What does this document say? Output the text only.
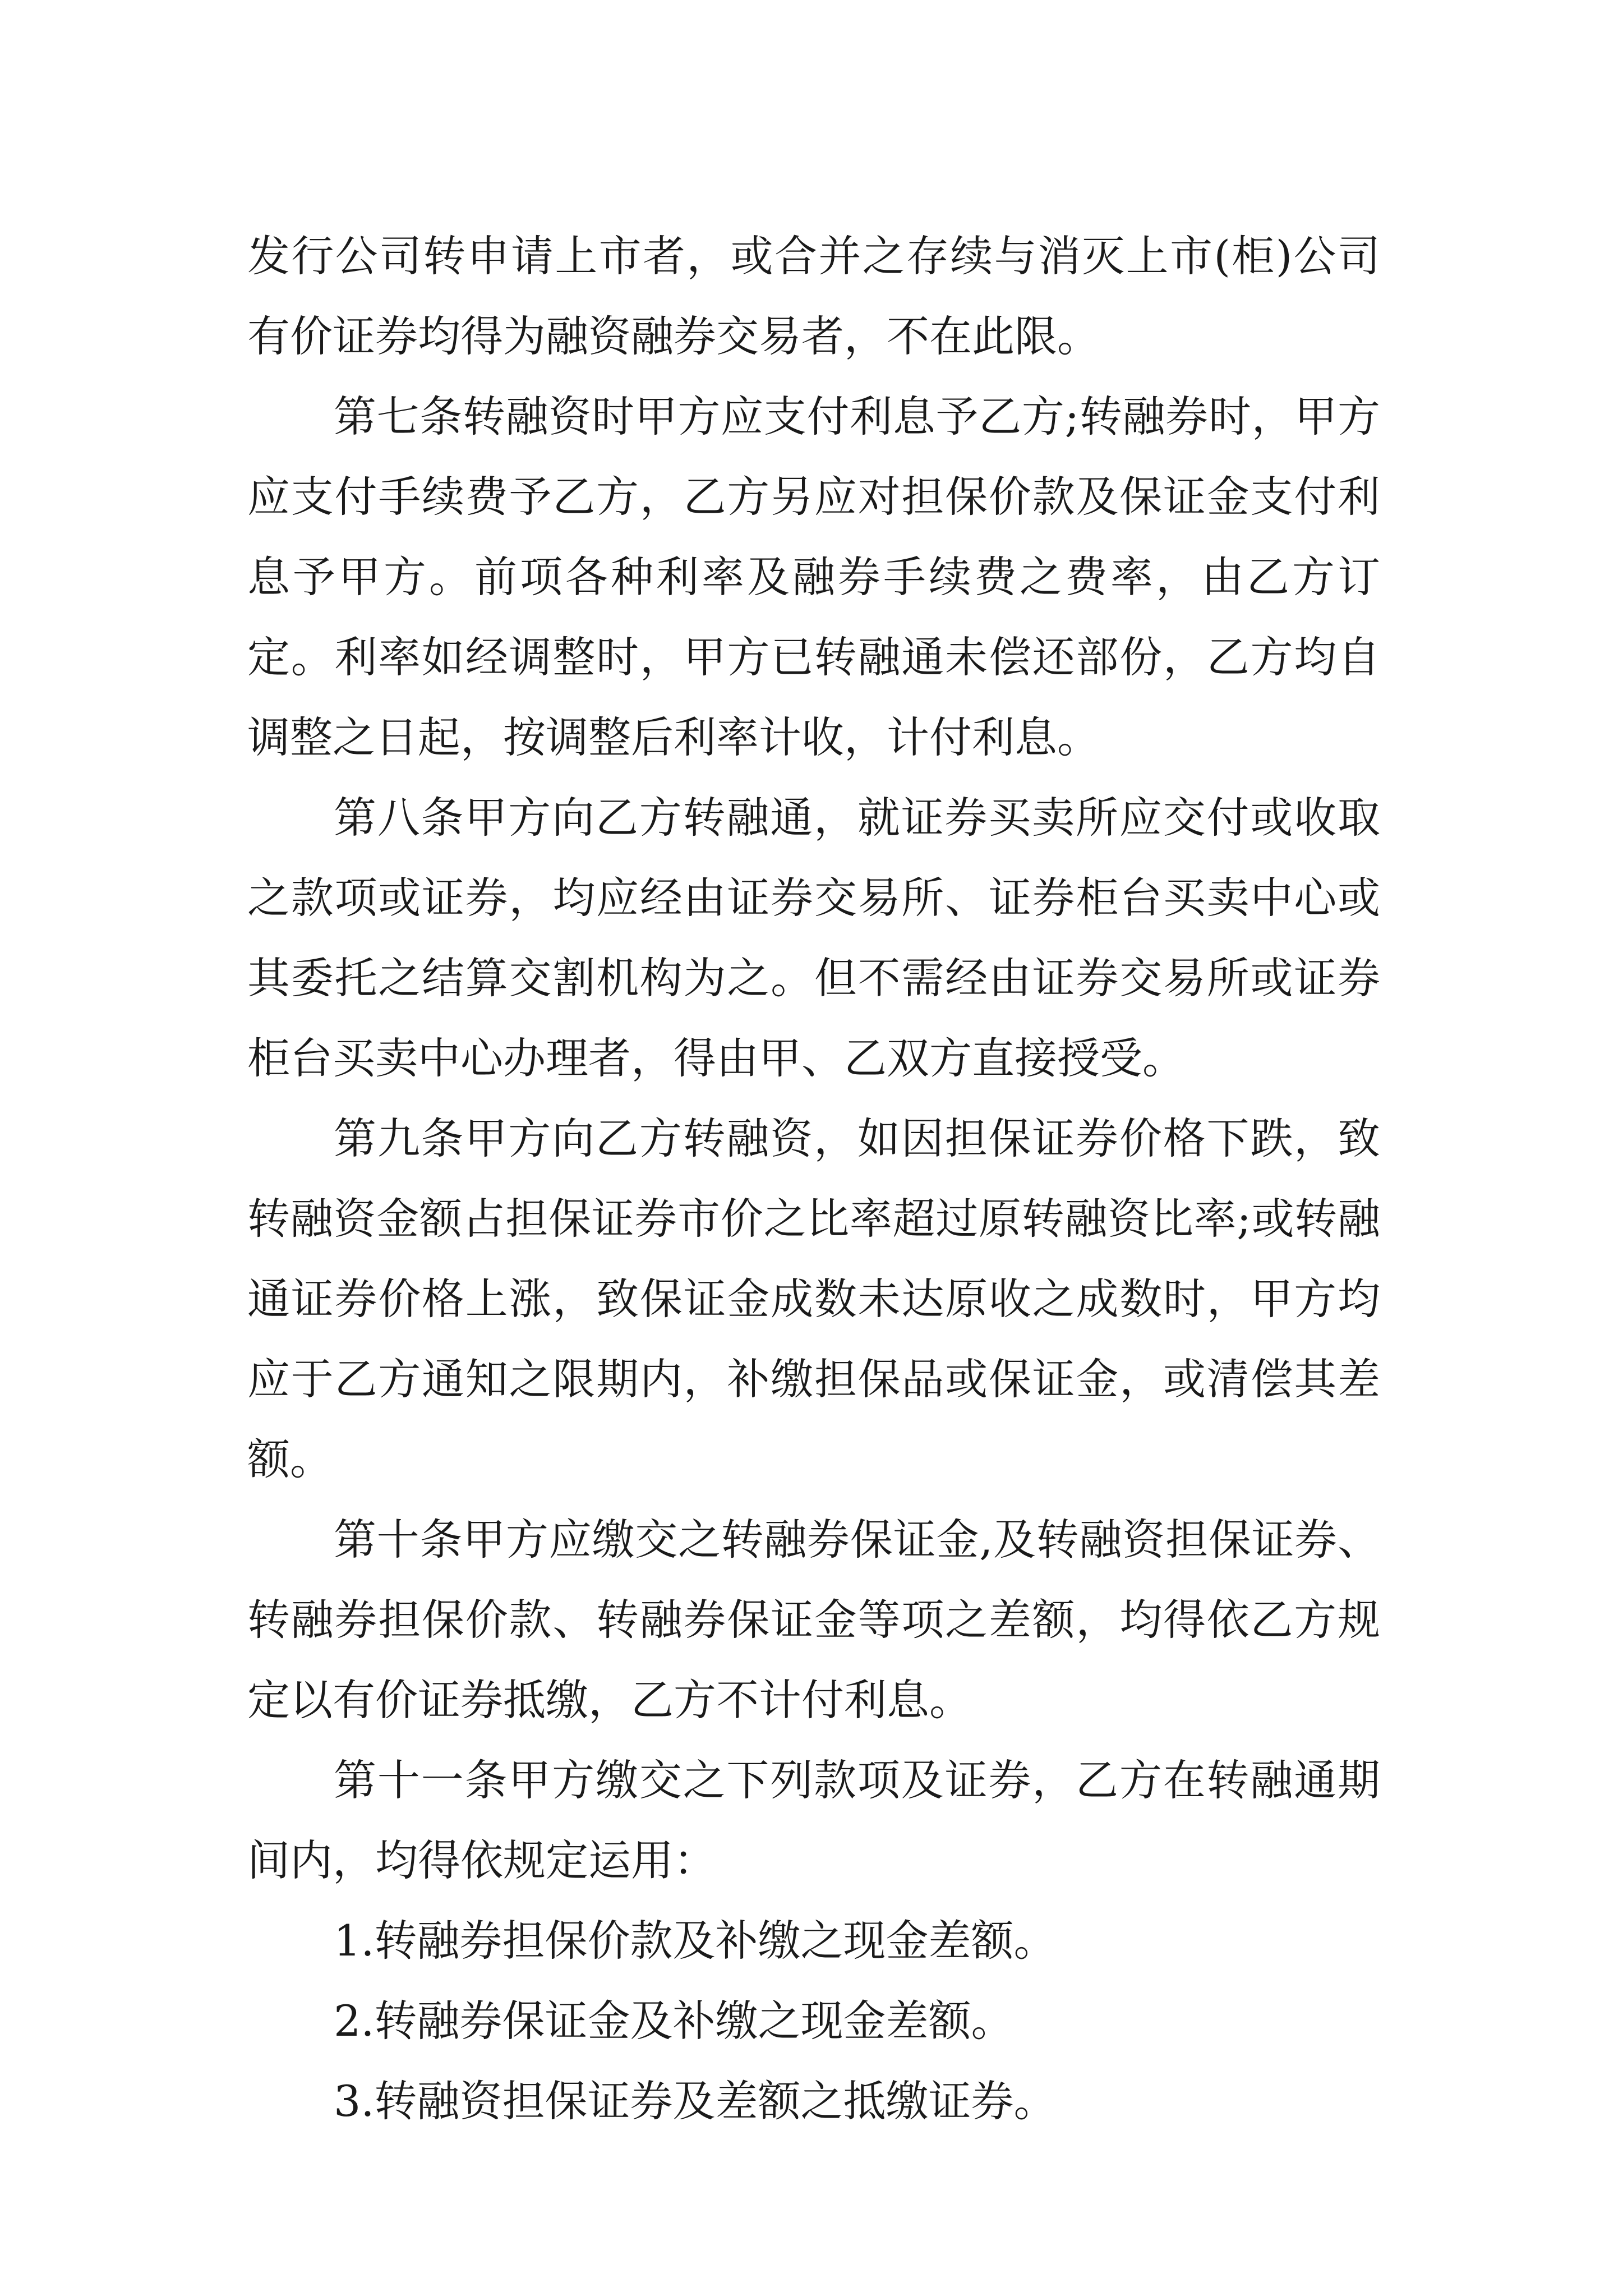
发行公司转申请上市者，或合并之存续与消灭上市(柜)公司有价证券均得为融资融券交易者，不在此限。

第七条转融资时甲方应支付利息予乙方;转融券时，甲方应支付手续费予乙方，乙方另应对担保价款及保证金支付利息予甲方。前项各种利率及融券手续费之费率，由乙方订定。利率如经调整时，甲方已转融通未偿还部份，乙方均自调整之日起，按调整后利率计收，计付利息。

第八条甲方向乙方转融通，就证券买卖所应交付或收取之款项或证券，均应经由证券交易所、证券柜台买卖中心或其委托之结算交割机构为之。但不需经由证券交易所或证券柜台买卖中心办理者，得由甲、乙双方直接授受。

第九条甲方向乙方转融资，如因担保证券价格下跌，致转融资金额占担保证券市价之比率超过原转融资比率;或转融通证券价格上涨，致保证金成数未达原收之成数时，甲方均应于乙方通知之限期内，补缴担保品或保证金，或清偿其差额。

第十条甲方应缴交之转融券保证金,及转融资担保证券、转融券担保价款、转融券保证金等项之差额，均得依乙方规定以有价证券抵缴，乙方不计付利息。

第十一条甲方缴交之下列款项及证券，乙方在转融通期间内，均得依规定运用：

1.转融券担保价款及补缴之现金差额。

2.转融券保证金及补缴之现金差额。

3.转融资担保证券及差额之抵缴证券。
